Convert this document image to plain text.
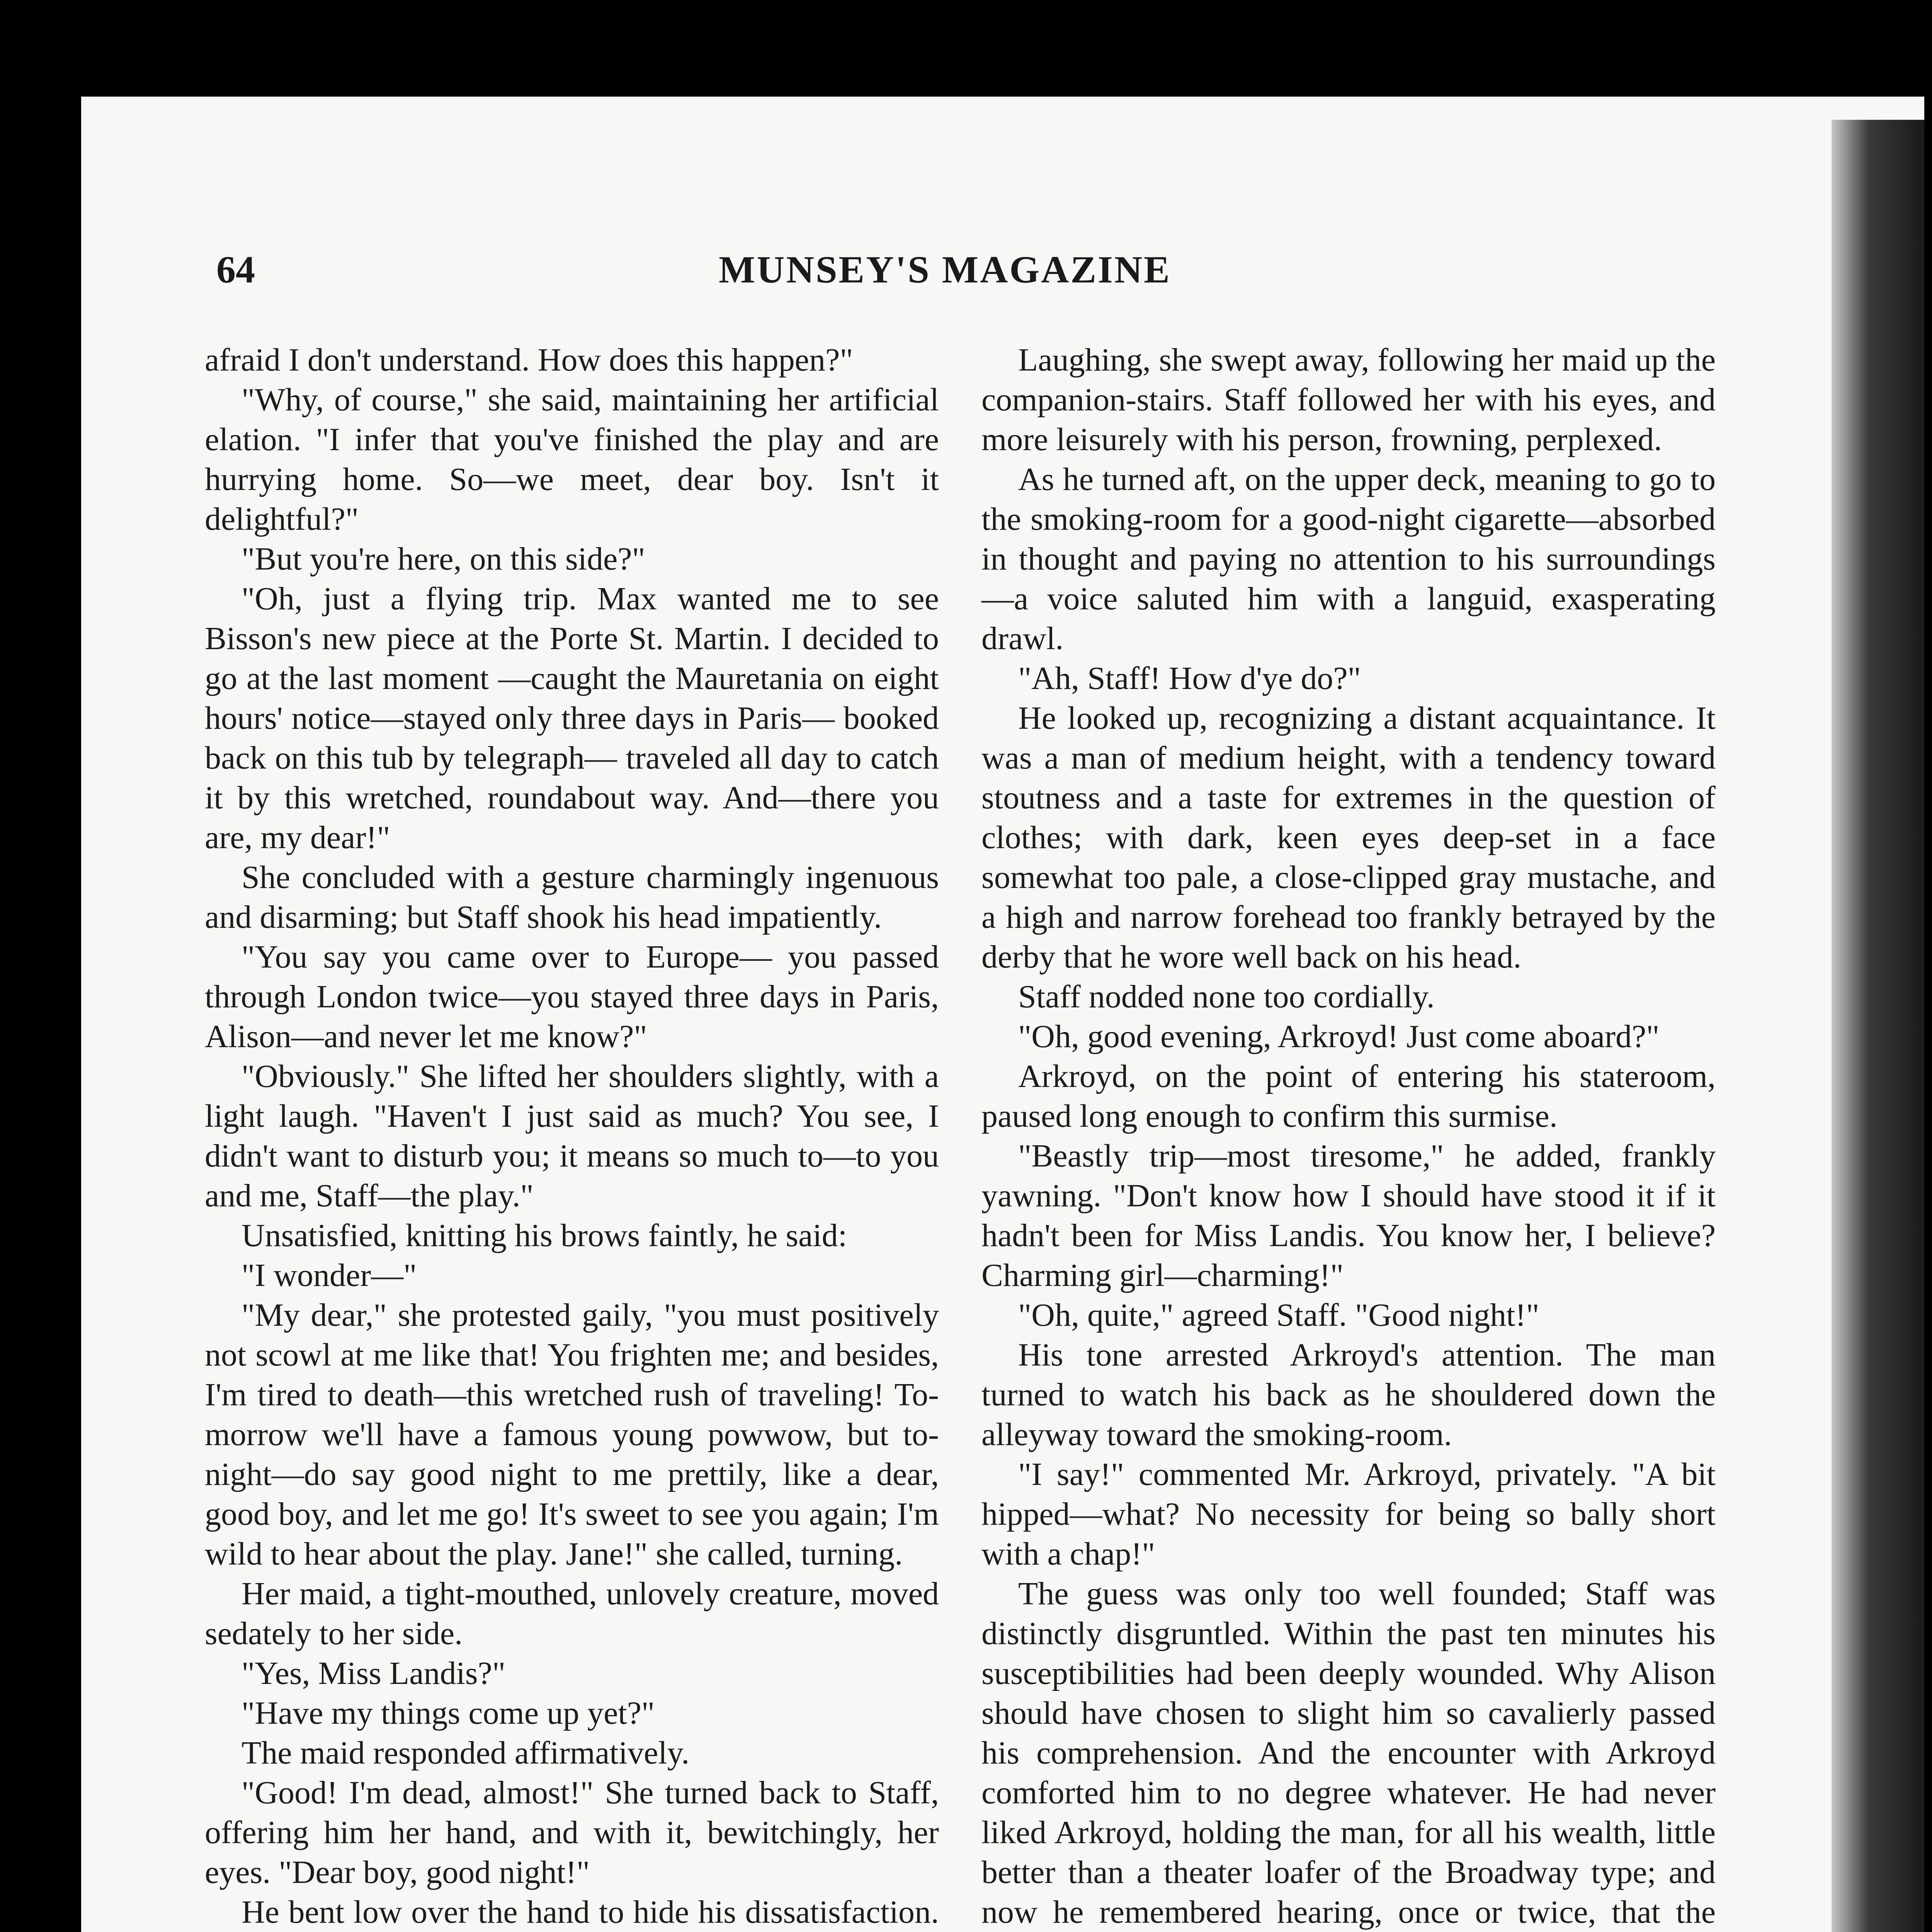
64	MUNSEY'S MAGAZINE

afraid I don't understand. How does this happen?"

"Why, of course," she said, maintaining her artificial elation. "I infer that you've finished the play and are hurrying home. So—we meet, dear boy. Isn't it delightful?"

"But you're here, on this side?"

"Oh, just a flying trip. Max wanted me to see Bisson's new piece at the Porte St. Martin. I decided to go at the last moment —caught the Mauretania on eight hours' notice—stayed only three days in Paris— booked back on this tub by telegraph— traveled all day to catch it by this wretched, roundabout way. And—there you are, my dear!"

She concluded with a gesture charmingly ingenuous and disarming; but Staff shook his head impatiently.

"You say you came over to Europe— you passed through London twice—you stayed three days in Paris, Alison—and never let me know?"

"Obviously." She lifted her shoulders slightly, with a light laugh. "Haven't I just said as much? You see, I didn't want to disturb you; it means so much to—to you and me, Staff—the play."

Unsatisfied, knitting his brows faintly, he said:

"I wonder—"

"My dear," she protested gaily, "you must positively not scowl at me like that! You frighten me; and besides, I'm tired to death—this wretched rush of traveling! To-morrow we'll have a famous young powwow, but to-night—do say good night to me prettily, like a dear, good boy, and let me go! It's sweet to see you again; I'm wild to hear about the play. Jane!" she called, turning.

Her maid, a tight-mouthed, unlovely creature, moved sedately to her side.

"Yes, Miss Landis?"

"Have my things come up yet?"

The maid responded affirmatively.

"Good! I'm dead, almost!" She turned back to Staff, offering him her hand, and with it, bewitchingly, her eyes. "Dear boy, good night!"

He bent low over the hand to hide his dissatisfaction.

Laughing, she swept away, following her maid up the companion-stairs. Staff followed her with his eyes, and more leisurely with his person, frowning, perplexed.

As he turned aft, on the upper deck, meaning to go to the smoking-room for a good-night cigarette—absorbed in thought and paying no attention to his surroundings —a voice saluted him with a languid, exasperating drawl.

"Ah, Staff! How d'ye do?"

He looked up, recognizing a distant acquaintance. It was a man of medium height, with a tendency toward stoutness and a taste for extremes in the question of clothes; with dark, keen eyes deep-set in a face somewhat too pale, a close-clipped gray mustache, and a high and narrow forehead too frankly betrayed by the derby that he wore well back on his head.

Staff nodded none too cordially.

"Oh, good evening, Arkroyd! Just come aboard?"

Arkroyd, on the point of entering his stateroom, paused long enough to confirm this surmise.

"Beastly trip—most tiresome," he added, frankly yawning. "Don't know how I should have stood it if it hadn't been for Miss Landis. You know her, I believe? Charming girl—charming!"

"Oh, quite," agreed Staff. "Good night!"

His tone arrested Arkroyd's attention. The man turned to watch his back as he shouldered down the alleyway toward the smoking-room.

"I say!" commented Mr. Arkroyd, privately. "A bit hipped—what? No necessity for being so bally short with a chap!"

The guess was only too well founded; Staff was distinctly disgruntled. Within the past ten minutes his susceptibilities had been deeply wounded. Why Alison should have chosen to slight him so cavalierly passed his comprehension. And the encounter with Arkroyd comforted him to no degree whatever. He had never liked Arkroyd, holding the man, for all his wealth, little better than a theater loafer of the Broadway type; and now he remembered hearing, once or twice, that the
